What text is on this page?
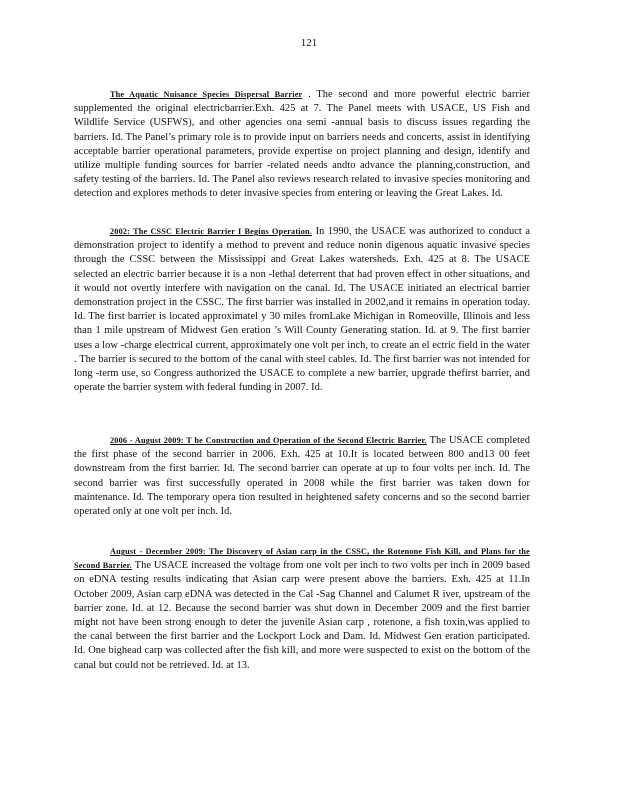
121

The Aquatic Nuisance Species Dispersal Barrier . The second and more powerful electric barrier supplemented the original electricbarrier.Exh. 425 at 7. The Panel meets with USACE, US Fish and Wildlife Service (USFWS), and other agencies ona semi -annual basis to discuss issues regarding the barriers. Id. The Panel’s primary role is to provide input on barriers needs and concerts, assist in identifying acceptable barrier operational parameters, provide expertise on project planning and design, identify and utilize multiple funding sources for barrier -related needs andto advance the planning,construction, and safety testing of the barriers. Id. The Panel also reviews research related to invasive species monitoring and detection and explores methods to deter invasive species from entering or leaving the Great Lakes. Id.

2002: The CSSC Electric Barrier I Begins Operation. In 1990, the USACE was authorized to conduct a demonstration project to identify a method to prevent and reduce nonin digenous aquatic invasive species through the CSSC between the Mississippi and Great Lakes watersheds. Exh. 425 at 8. The USACE selected an electric barrier because it is a non -lethal deterrent that had proven effect in other situations, and it would not overtly interfere with navigation on the canal. Id. The USACE initiated an electrical barrier demonstration project in the CSSC. The first barrier was installed in 2002,and it remains in operation today. Id. The first barrier is located approximatel y 30 miles fromLake Michigan in Romeoville, Illinois and less than 1 mile upstream of Midwest Gen eration ’s Will County Generating station. Id. at 9. The first barrier uses a low -charge electrical current, approximately one volt per inch, to create an el ectric field in the water . The barrier is secured to the bottom of the canal with steel cables. Id. The first barrier was not intended for long -term use, so Congress authorized the USACE to complete a new barrier, upgrade thefirst barrier, and operate the barrier system with federal funding in 2007. Id.

2006 - August 2009: T he Construction and Operation of the Second Electric Barrier. The USACE completed the first phase of the second barrier in 2006. Exh. 425 at 10.It is located between 800 and13 00 feet downstream from the first barrier. Id. The second barrier can operate at up to four volts per inch. Id. The second barrier was first successfully operated in 2008 while the first barrier was taken down for maintenance. Id. The temporary opera tion resulted in heightened safety concerns and so the second barrier operated only at one volt per inch. Id.

August - December 2009: The Discovery of Asian carp in the CSSC, the Rotenone Fish Kill, and Plans for the Second Barrier. The USACE increased the voltage from one volt per inch to two volts per inch in 2009 based on eDNA testing results indicating that Asian carp were present above the barriers. Exh. 425 at 11.In October 2009, Asian carp eDNA was detected in the Cal -Sag Channel and Calumet R iver, upstream of the barrier zone. Id. at 12. Because the second barrier was shut down in December 2009 and the first barrier might not have been strong enough to deter the juvenile Asian carp , rotenone, a fish toxin,was applied to the canal between the first barrier and the Lockport Lock and Dam. Id. Midwest Gen eration participated. Id. One bighead carp was collected after the fish kill, and more were suspected to exist on the bottom of the canal but could not be retrieved. Id. at 13.
